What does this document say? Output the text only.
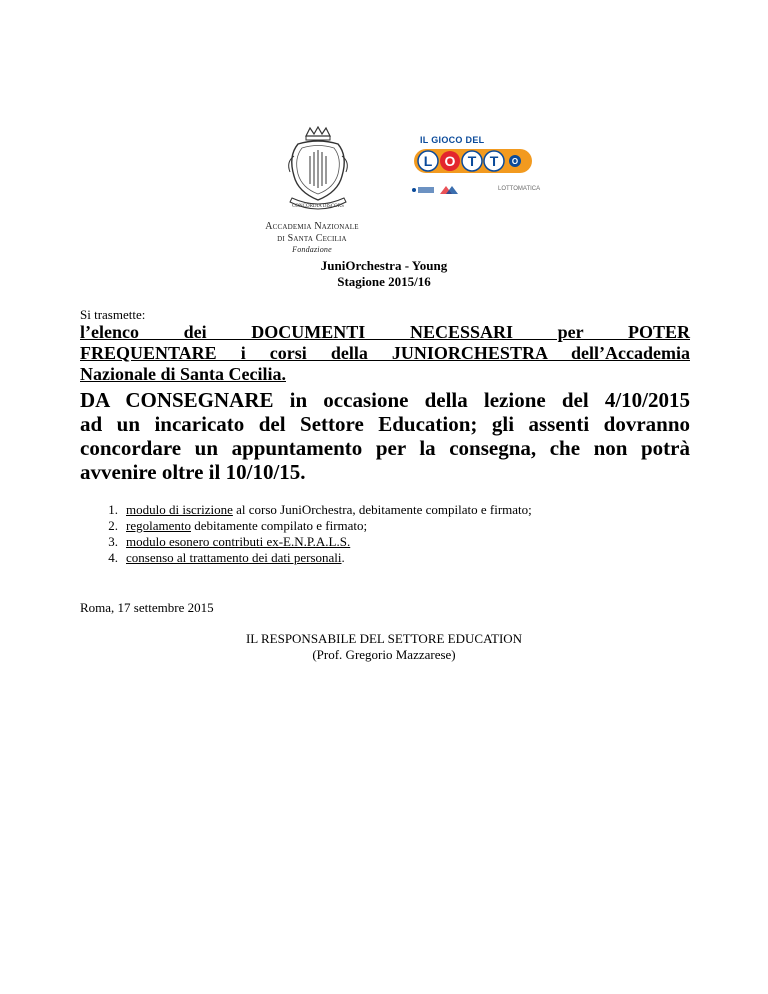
CONCORDIA DISCORS
Accademia Nazionale
di Santa Cecilia
Fondazione
IL GIOCO DEL
L O T T O
LOTTOMATICA
JuniOrchestra - Young
Stagione 2015/16
Si trasmette:
l’elenco dei DOCUMENTI NECESSARI per POTER
FREQUENTARE i corsi della JUNIORCHESTRA dell’Accademia
Nazionale di Santa Cecilia.
DA CONSEGNARE in occasione della lezione del 4/10/2015
ad un incaricato del Settore Education; gli assenti dovranno
concordare un appuntamento per la consegna, che non potrà
avvenire oltre il 10/10/15.
1. modulo di iscrizione al corso JuniOrchestra, debitamente compilato e firmato;
2. regolamento debitamente compilato e firmato;
3. modulo esonero contributi ex-E.N.P.A.L.S.
4. consenso al trattamento dei dati personali.
Roma, 17 settembre 2015
IL RESPONSABILE DEL SETTORE EDUCATION
(Prof. Gregorio Mazzarese)
